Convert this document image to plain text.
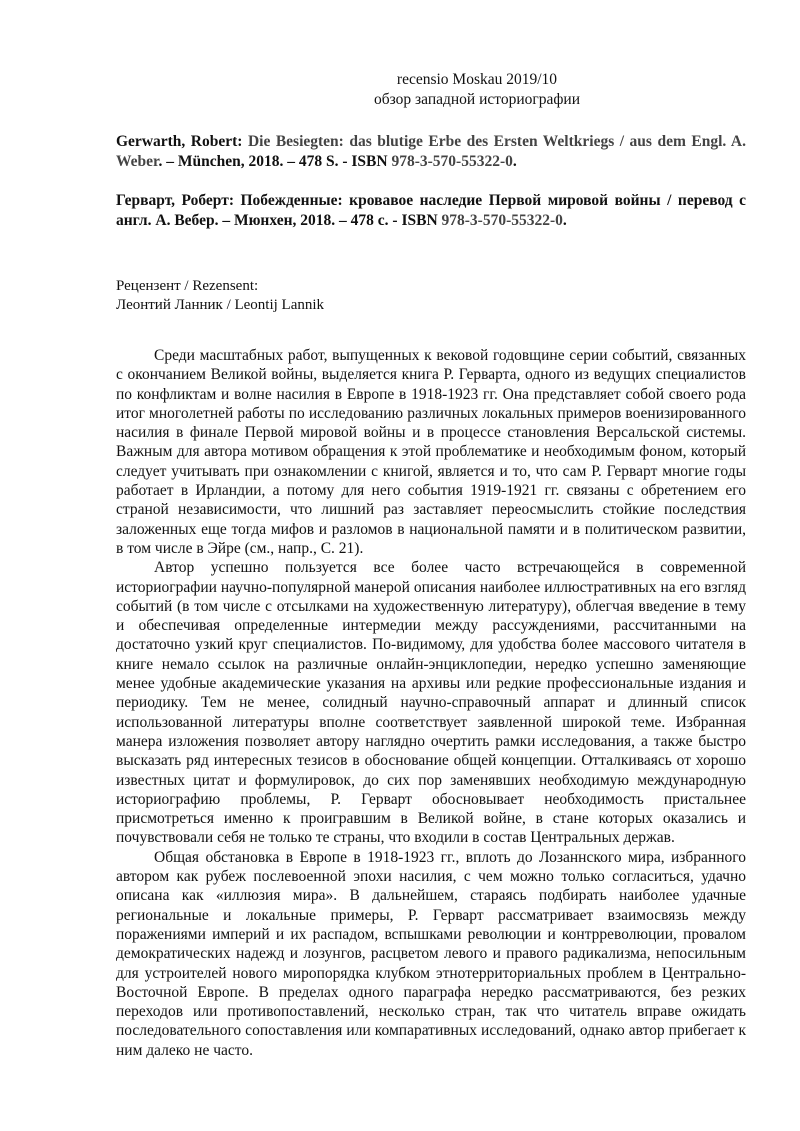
recensio Moskau 2019/10
обзор западной историографии

Gerwarth, Robert: Die Besiegten: das blutige Erbe des Ersten Weltkriegs / aus dem Engl. A. Weber. – München, 2018. – 478 S. - ISBN 978-3-570-55322-0.

Герварт, Роберт: Побежденные: кровавое наследие Первой мировой войны / перевод с англ. А. Вебер. – Мюнхен, 2018. – 478 с. - ISBN 978-3-570-55322-0.

Рецензент / Rezensent:
Леонтий Ланник / Leontij Lannik

Среди масштабных работ, выпущенных к вековой годовщине серии событий, связанных с окончанием Великой войны, выделяется книга Р. Герварта, одного из ведущих специалистов по конфликтам и волне насилия в Европе в 1918-1923 гг. Она представляет собой своего рода итог многолетней работы по исследованию различных локальных примеров военизированного насилия в финале Первой мировой войны и в процессе становления Версальской системы. Важным для автора мотивом обращения к этой проблематике и необходимым фоном, который следует учитывать при ознакомлении с книгой, является и то, что сам Р. Герварт многие годы работает в Ирландии, а потому для него события 1919-1921 гг. связаны с обретением его страной независимости, что лишний раз заставляет переосмыслить стойкие последствия заложенных еще тогда мифов и разломов в национальной памяти и в политическом развитии, в том числе в Эйре (см., напр., С. 21).

Автор успешно пользуется все более часто встречающейся в современной историографии научно-популярной манерой описания наиболее иллюстративных на его взгляд событий (в том числе с отсылками на художественную литературу), облегчая введение в тему и обеспечивая определенные интермедии между рассуждениями, рассчитанными на достаточно узкий круг специалистов. По-видимому, для удобства более массового читателя в книге немало ссылок на различные онлайн-энциклопедии, нередко успешно заменяющие менее удобные академические указания на архивы или редкие профессиональные издания и периодику. Тем не менее, солидный научно-справочный аппарат и длинный список использованной литературы вполне соответствует заявленной широкой теме. Избранная манера изложения позволяет автору наглядно очертить рамки исследования, а также быстро высказать ряд интересных тезисов в обоснование общей концепции. Отталкиваясь от хорошо известных цитат и формулировок, до сих пор заменявших необходимую международную историографию проблемы, Р. Герварт обосновывает необходимость пристальнее присмотреться именно к проигравшим в Великой войне, в стане которых оказались и почувствовали себя не только те страны, что входили в состав Центральных держав.

Общая обстановка в Европе в 1918-1923 гг., вплоть до Лозаннского мира, избранного автором как рубеж послевоенной эпохи насилия, с чем можно только согласиться, удачно описана как «иллюзия мира». В дальнейшем, стараясь подбирать наиболее удачные региональные и локальные примеры, Р. Герварт рассматривает взаимосвязь между поражениями империй и их распадом, вспышками революции и контрреволюции, провалом демократических надежд и лозунгов, расцветом левого и правого радикализма, непосильным для устроителей нового миропорядка клубком этнотерриториальных проблем в Центрально-Восточной Европе. В пределах одного параграфа нередко рассматриваются, без резких переходов или противопоставлений, несколько стран, так что читатель вправе ожидать последовательного сопоставления или компаративных исследований, однако автор прибегает к ним далеко не часто.
